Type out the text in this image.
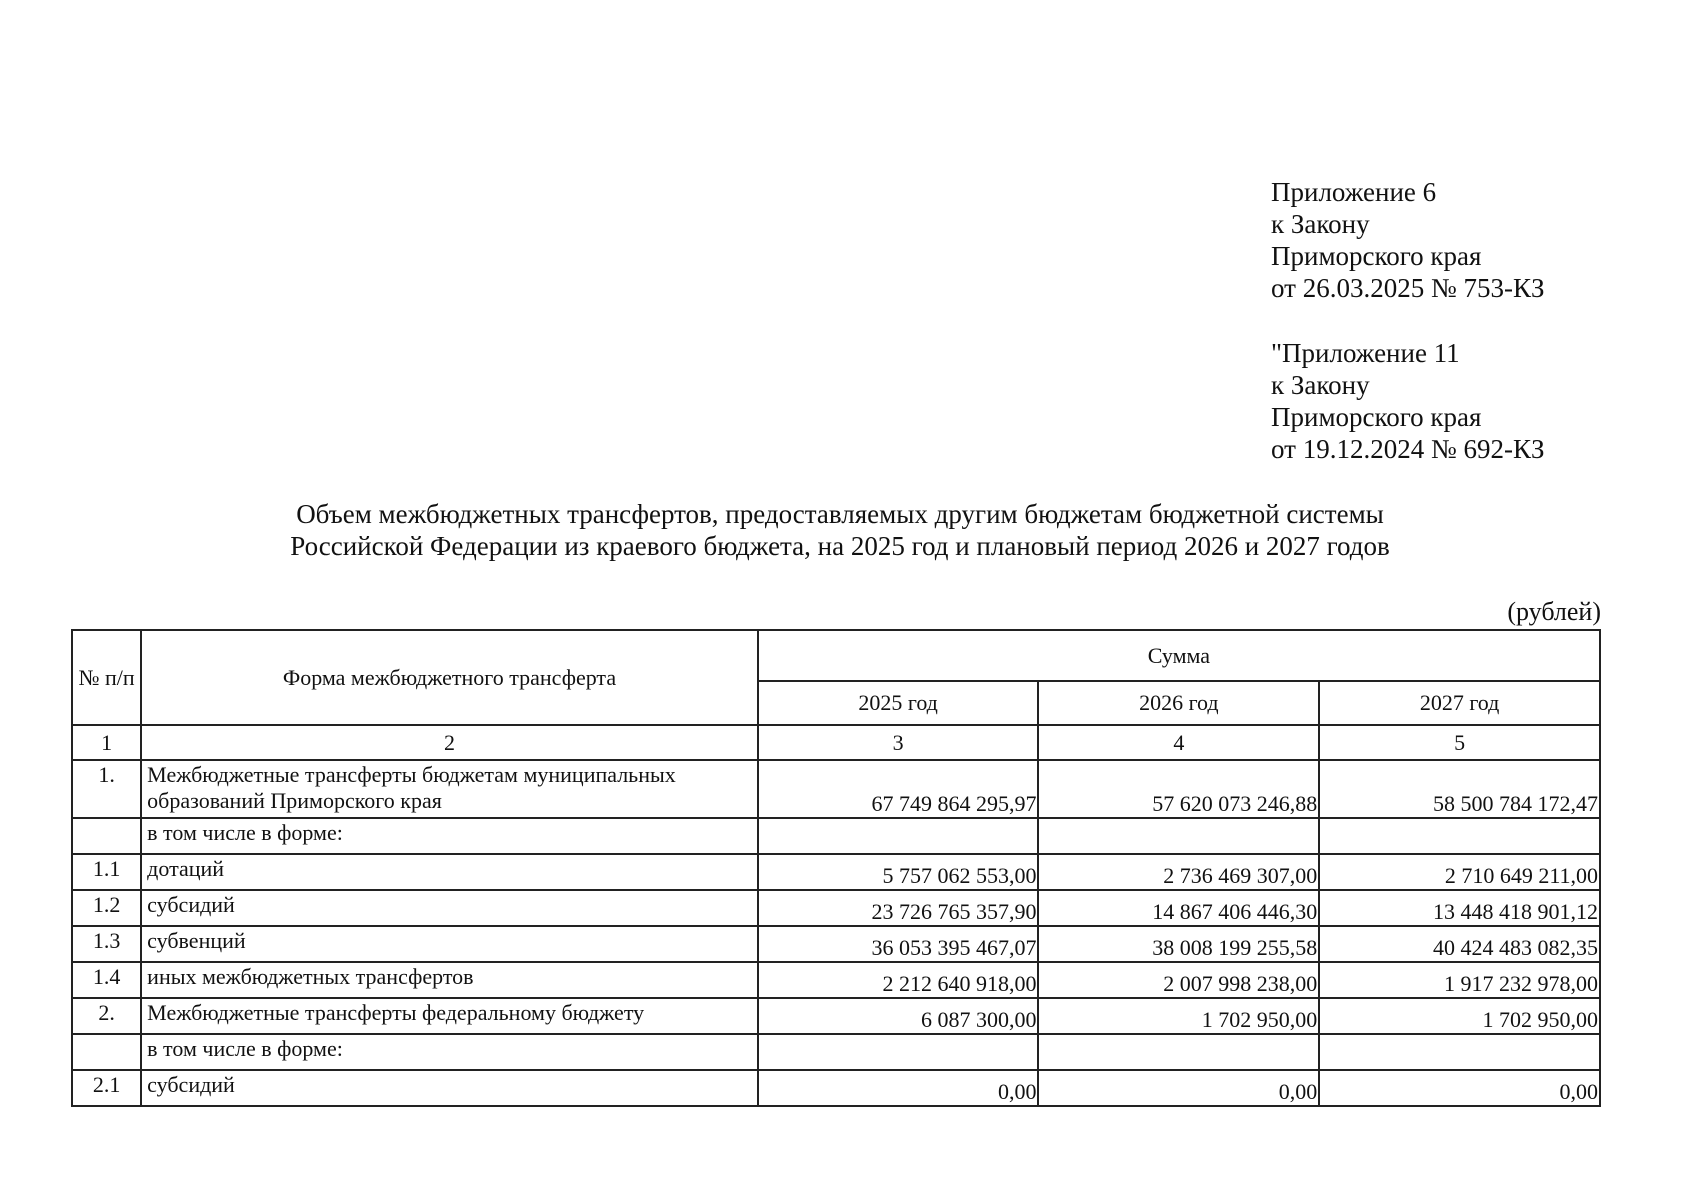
Приложение 6
к Закону
Приморского края
от 26.03.2025 № 753-КЗ
"Приложение 11
к Закону
Приморского края
от 19.12.2024 № 692-КЗ
Объем межбюджетных трансфертов, предоставляемых другим бюджетам бюджетной системы
Российской Федерации из краевого бюджета, на 2025 год и плановый период 2026 и 2027 годов
(рублей)
№ п/п	Форма межбюджетного трансферта	Сумма		
		2025 год	2026 год	2027 год
1	2	3	4	5
1.	Межбюджетные трансферты бюджетам муниципальных
образований Приморского края	67 749 864 295,97	57 620 073 246,88	58 500 784 172,47
	в том числе в форме:			
1.1	дотаций	5 757 062 553,00	2 736 469 307,00	2 710 649 211,00
1.2	субсидий	23 726 765 357,90	14 867 406 446,30	13 448 418 901,12
1.3	субвенций	36 053 395 467,07	38 008 199 255,58	40 424 483 082,35
1.4	иных межбюджетных трансфертов	2 212 640 918,00	2 007 998 238,00	1 917 232 978,00
2.	Межбюджетные трансферты федеральному бюджету	6 087 300,00	1 702 950,00	1 702 950,00
	в том числе в форме:			
2.1	субсидий	0,00	0,00	0,00
